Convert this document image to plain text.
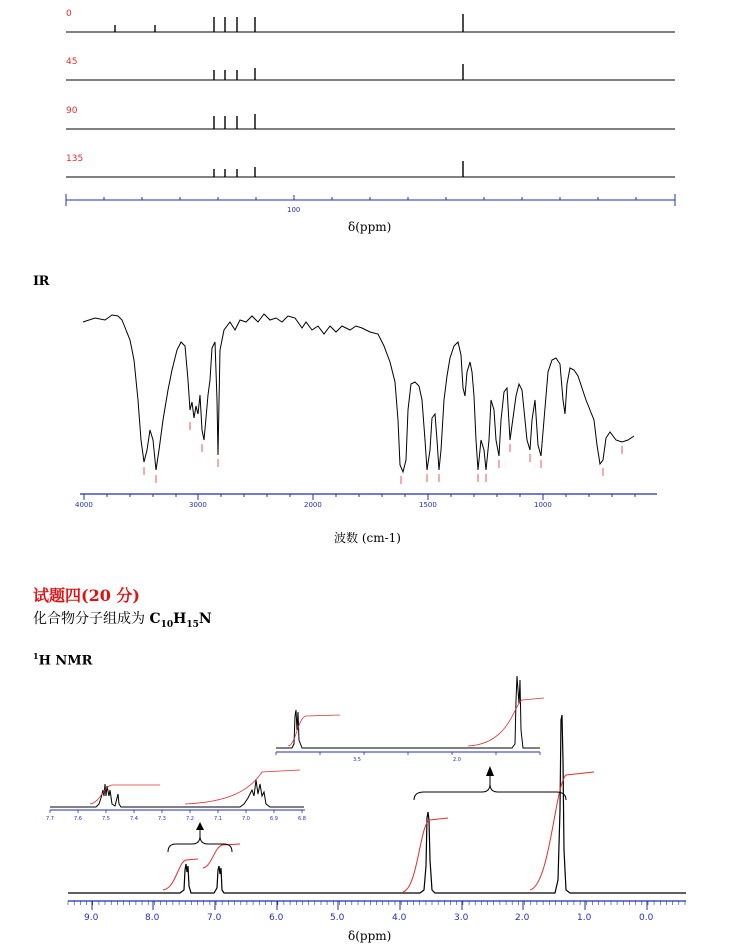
0
45
90
135
100
δ(ppm)
IR
4000	3000	2000	1500	1000
波数 (cm-1)
试题四(20 分)
化合物分子组成为 $C_{10}H_{15}N$
$^1$H NMR
7.7	7.6	7.5	7.4	7.3	7.2	7.1	7.0	6.9	6.8
3.5	2.0
9.0	8.0	7.0	6.0	5.0	4.0	3.0	2.0	1.0	0.0
δ(ppm)
